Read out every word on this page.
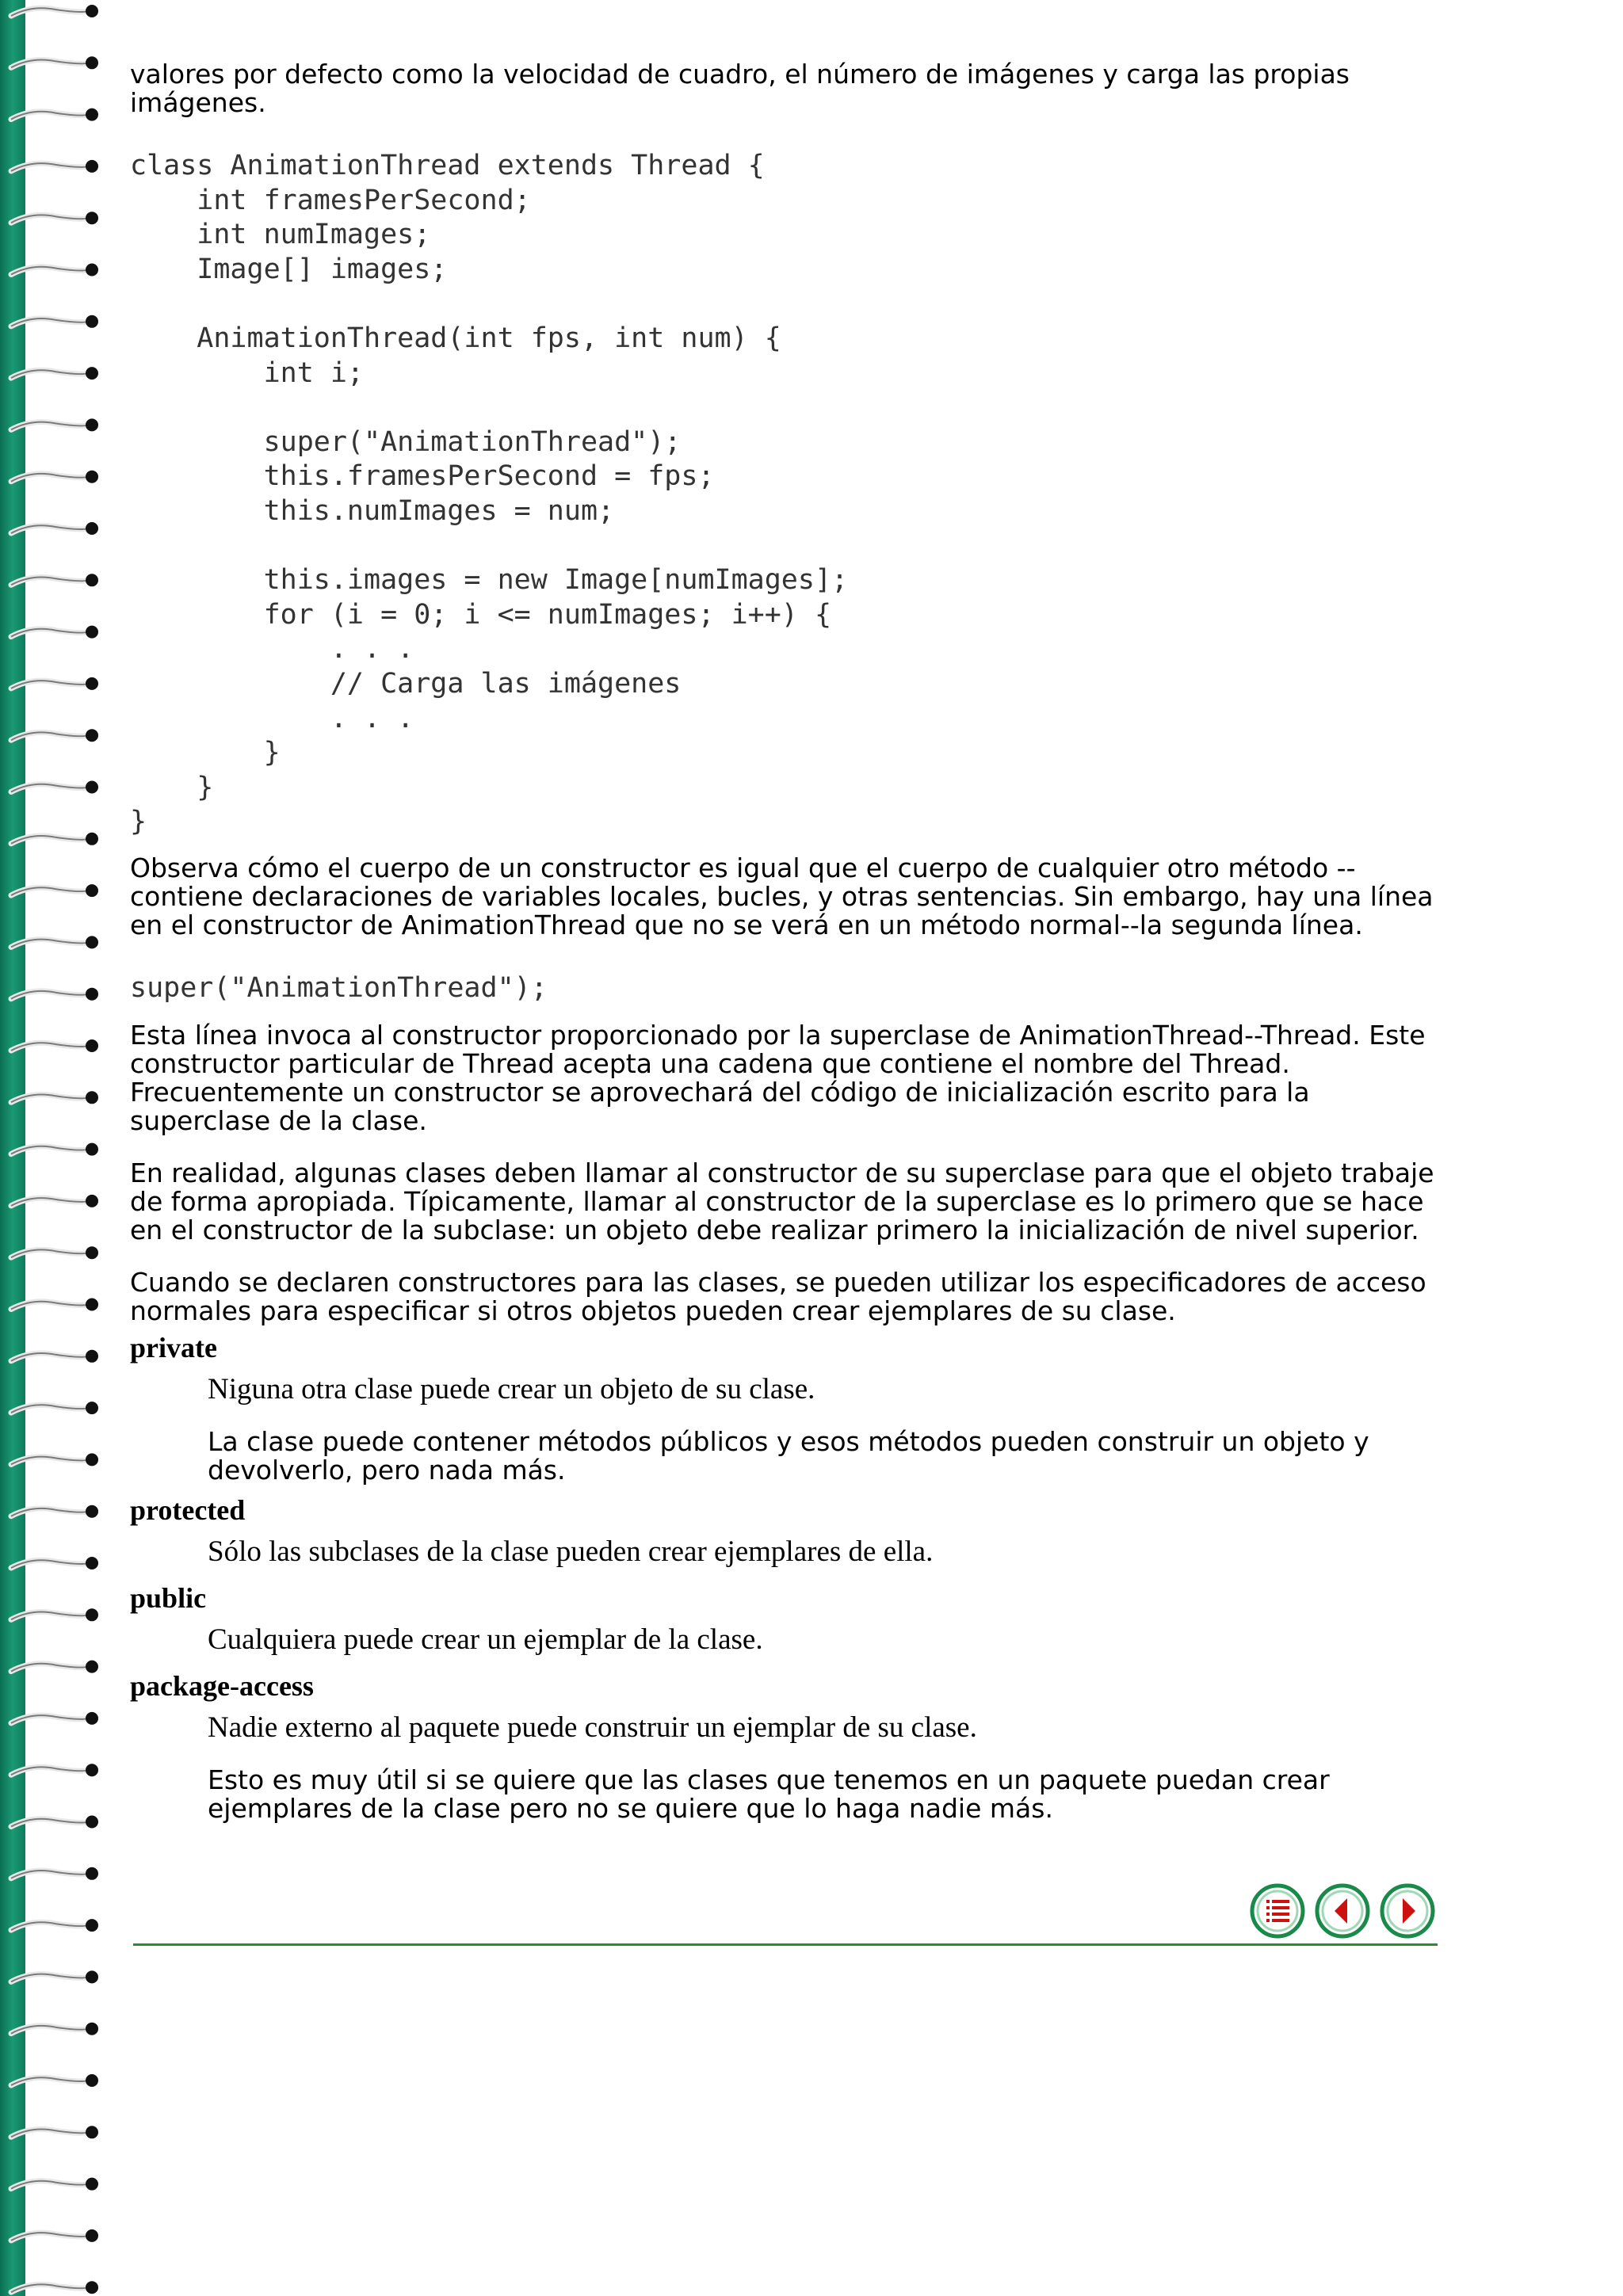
valores por defecto como la velocidad de cuadro, el número de imágenes y carga las propias imágenes.

class AnimationThread extends Thread {
int framesPerSecond;
int numImages;
Image[] images;

AnimationThread(int fps, int num) {
int i;

super("AnimationThread");
this.framesPerSecond = fps;
this.numImages = num;

this.images = new Image[numImages];
for (i = 0; i <= numImages; i++) {
. . .
// Carga las imágenes
. . .
}
}
}

Observa cómo el cuerpo de un constructor es igual que el cuerpo de cualquier otro método -- contiene declaraciones de variables locales, bucles, y otras sentencias. Sin embargo, hay una línea en el constructor de AnimationThread que no se verá en un método normal--la segunda línea.

super("AnimationThread");

Esta línea invoca al constructor proporcionado por la superclase de AnimationThread--Thread. Este constructor particular de Thread acepta una cadena que contiene el nombre del Thread. Frecuentemente un constructor se aprovechará del código de inicialización escrito para la superclase de la clase.

En realidad, algunas clases deben llamar al constructor de su superclase para que el objeto trabaje de forma apropiada. Típicamente, llamar al constructor de la superclase es lo primero que se hace en el constructor de la subclase: un objeto debe realizar primero la inicialización de nivel superior.

Cuando se declaren constructores para las clases, se pueden utilizar los especificadores de acceso normales para especificar si otros objetos pueden crear ejemplares de su clase.

private

Niguna otra clase puede crear un objeto de su clase.

La clase puede contener métodos públicos y esos métodos pueden construir un objeto y devolverlo, pero nada más.

protected

Sólo las subclases de la clase pueden crear ejemplares de ella.

public

Cualquiera puede crear un ejemplar de la clase.

package-access

Nadie externo al paquete puede construir un ejemplar de su clase.

Esto es muy útil si se quiere que las clases que tenemos en un paquete puedan crear ejemplares de la clase pero no se quiere que lo haga nadie más.
